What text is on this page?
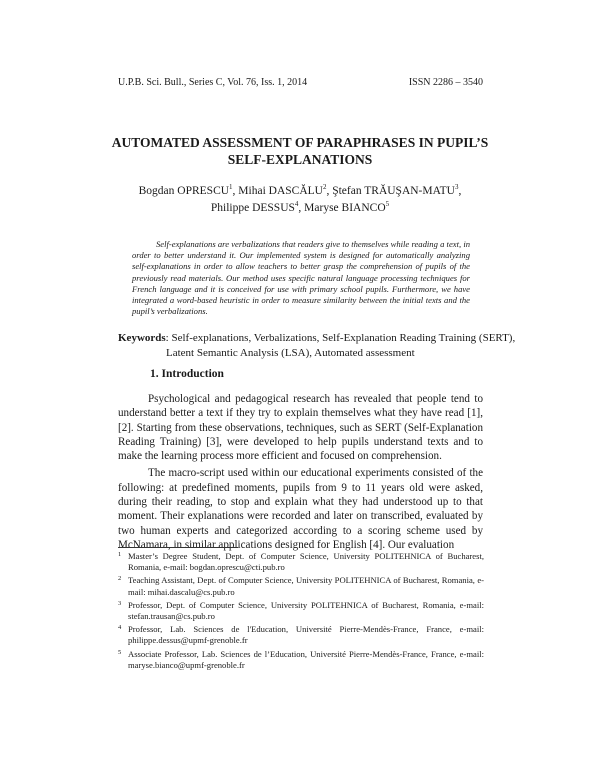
U.P.B. Sci. Bull., Series C, Vol. 76, Iss. 1, 2014	ISSN 2286 – 3540
AUTOMATED ASSESSMENT OF PARAPHRASES IN PUPIL’S
SELF-EXPLANATIONS
Bogdan OPRESCU$^1$, Mihai DASCĂLU$^2$, Ştefan TRĂUŞAN-MATU$^3$,
Philippe DESSUS$^4$, Maryse BIANCO$^5$
Self-explanations are verbalizations that readers give to themselves while reading a text, in order to better understand it. Our implemented system is designed for automatically analyzing self-explanations in order to allow teachers to better grasp the comprehension of pupils of the previously read materials. Our method uses specific natural language processing techniques for French language and it is conceived for use with primary school pupils. Furthermore, we have integrated a word-based heuristic in order to measure similarity between the initial texts and the pupil’s verbalizations.
Keywords: Self-explanations, Verbalizations, Self-Explanation Reading Training (SERT), Latent Semantic Analysis (LSA), Automated assessment
1. Introduction

Psychological and pedagogical research has revealed that people tend to understand better a text if they try to explain themselves what they have read [1], [2]. Starting from these observations, techniques, such as SERT (Self-Explanation Reading Training) [3], were developed to help pupils understand texts and to make the learning process more efficient and focused on comprehension.

The macro-script used within our educational experiments consisted of the following: at predefined moments, pupils from 9 to 11 years old were asked, during their reading, to stop and explain what they had understood up to that moment. Their explanations were recorded and later on transcribed, evaluated by two human experts and categorized according to a scoring scheme used by McNamara, in similar applications designed for English [4]. Our evaluation

1 Master’s Degree Student, Dept. of Computer Science, University POLITEHNICA of Bucharest, Romania, e-mail: bogdan.oprescu@cti.pub.ro
2 Teaching Assistant, Dept. of Computer Science, University POLITEHNICA of Bucharest, Romania, e-mail: mihai.dascalu@cs.pub.ro
3 Professor, Dept. of Computer Science, University POLITEHNICA of Bucharest, Romania, e-mail: stefan.trausan@cs.pub.ro
4 Professor, Lab. Sciences de l'Education, Université Pierre-Mendès-France, France, e-mail: philippe.dessus@upmf-grenoble.fr
5 Associate Professor, Lab. Sciences de l’Education, Université Pierre-Mendès-France, France, e-mail: maryse.bianco@upmf-grenoble.fr
